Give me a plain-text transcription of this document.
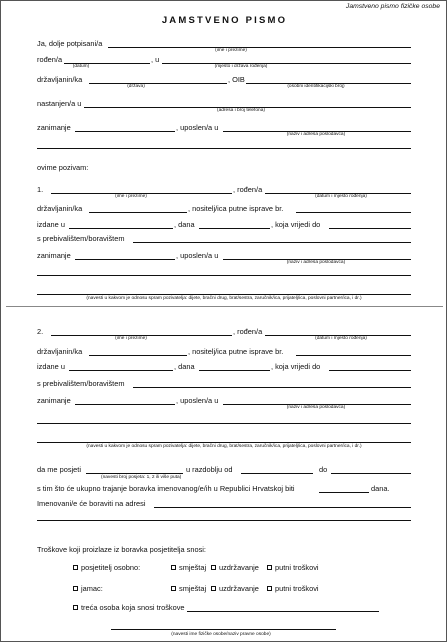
Jamstveno pismo fizičke osobe
JAMSTVENO PISMO
Ja, dolje potpisani/a
(ime i prezime)
rođen/a	, u
(datum)	(mjesto i država rođenja)
državljanin/ka	, OIB
(država)	(osobni identifikacijski broj)
nastanjen/a u
(adresa i broj telefona)
zanimanje	, uposlen/a u
(naziv i adresa poslodavca)
ovime pozivam:
1.	, rođen/a
(ime i prezime)	(datum i mjesto rođenja)
državljanin/ka	, nositelj/ica putne isprave br.
izdane u	, dana	, koja vrijedi do
s prebivalištem/boravištem
zanimanje	, uposlen/a u
(naziv i adresa poslodavca)
(navesti u kakvom je odnosu spram pozivatelja: dijete, bračni drug, brat/sestra, zaručnik/ica, prijatelj/ica, poslovni partner/ica, i dr.)
2.	, rođen/a
(ime i prezime)	(datum i mjesto rođenja)
državljanin/ka	, nositelj/ica putne isprave br.
izdane u	, dana	, koja vrijedi do
s prebivalištem/boravištem
zanimanje	, uposlen/a u
(naziv i adresa poslodavca)
(navesti u kakvom je odnosu spram pozivatelja: dijete, bračni drug, brat/sestra, zaručnik/ica, prijatelj/ica, poslovni partner/ica, i dr.)
da me posjeti	u razdoblju od	do
(navesti broj posjeta: 1, 2 ili više puta)
s tim što će ukupno trajanje boravka imenovanog/e/ih u Republici Hrvatskoj biti	dana.
Imenovani/e će boraviti na adresi
Troškove koji proizlaze iz boravka posjetitelja snosi:
posjetitelj osobno:	smještaj uzdržavanje putni troškovi
jamac:	smještaj uzdržavanje putni troškovi
treća osoba koja snosi troškove
(navesti ime fizičke osobe/naziv pravne osobe)
